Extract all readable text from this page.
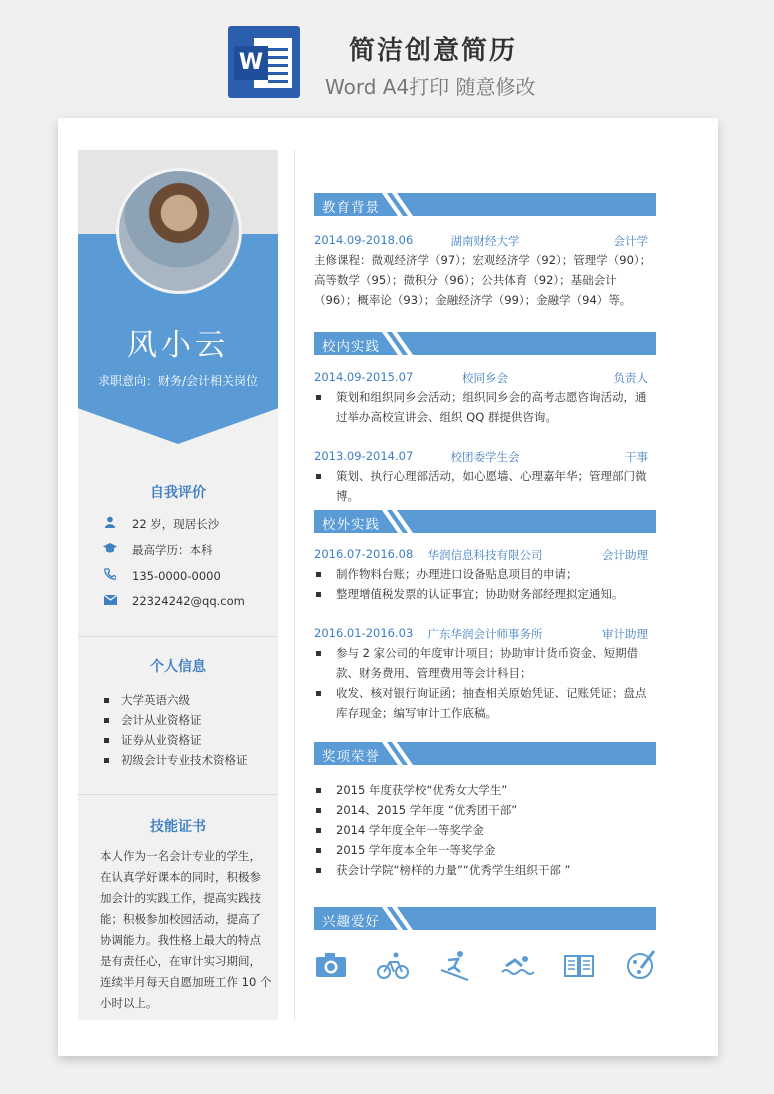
W	简洁创意简历
Word A4打印 随意修改
风小云
求职意向：财务/会计相关岗位
自我评价
22 岁，现居长沙
最高学历：本科
135-0000-0000
22324242@qq.com
个人信息
大学英语六级
会计从业资格证
证券从业资格证
初级会计专业技术资格证
技能证书
本人作为一名会计专业的学生，在认真学好课本的同时，积极参加会计的实践工作，提高实践技能；积极参加校园活动，提高了协调能力。我性格上最大的特点是有责任心，在审计实习期间，连续半月每天自愿加班工作 10 个小时以上。
教育背景
2014.09-2018.06	湖南财经大学	会计学
主修课程：微观经济学（97）；宏观经济学（92）；管理学（90）；高等数学（95）；微积分（96）；公共体育（92）；基础会计（96）；概率论（93）；金融经济学（99）；金融学（94）等。
校内实践
2014.09-2015.07	校同乡会	负责人
策划和组织同乡会活动；组织同乡会的高考志愿咨询活动，通过举办高校宣讲会、组织 QQ 群提供咨询。
2013.09-2014.07	校团委学生会	干事
策划、执行心理部活动，如心愿墙、心理嘉年华；管理部门微博。
校外实践
2016.07-2016.08	华润信息科技有限公司	会计助理
制作物料台账；办理进口设备贴息项目的申请；
整理增值税发票的认证事宜；协助财务部经理拟定通知。
2016.01-2016.03	广东华润会计师事务所	审计助理
参与 2 家公司的年度审计项目；协助审计货币资金、短期借款、财务费用、管理费用等会计科目；
收发、核对银行询证函；抽查相关原始凭证、记账凭证；盘点库存现金；编写审计工作底稿。
奖项荣誉
2015 年度获学校“优秀女大学生”
2014、2015 学年度 “优秀团干部”
2014 学年度全年一等奖学金
2015 学年度本全年一等奖学金
获会计学院“榜样的力量”“优秀学生组织干部 ”
兴趣爱好
